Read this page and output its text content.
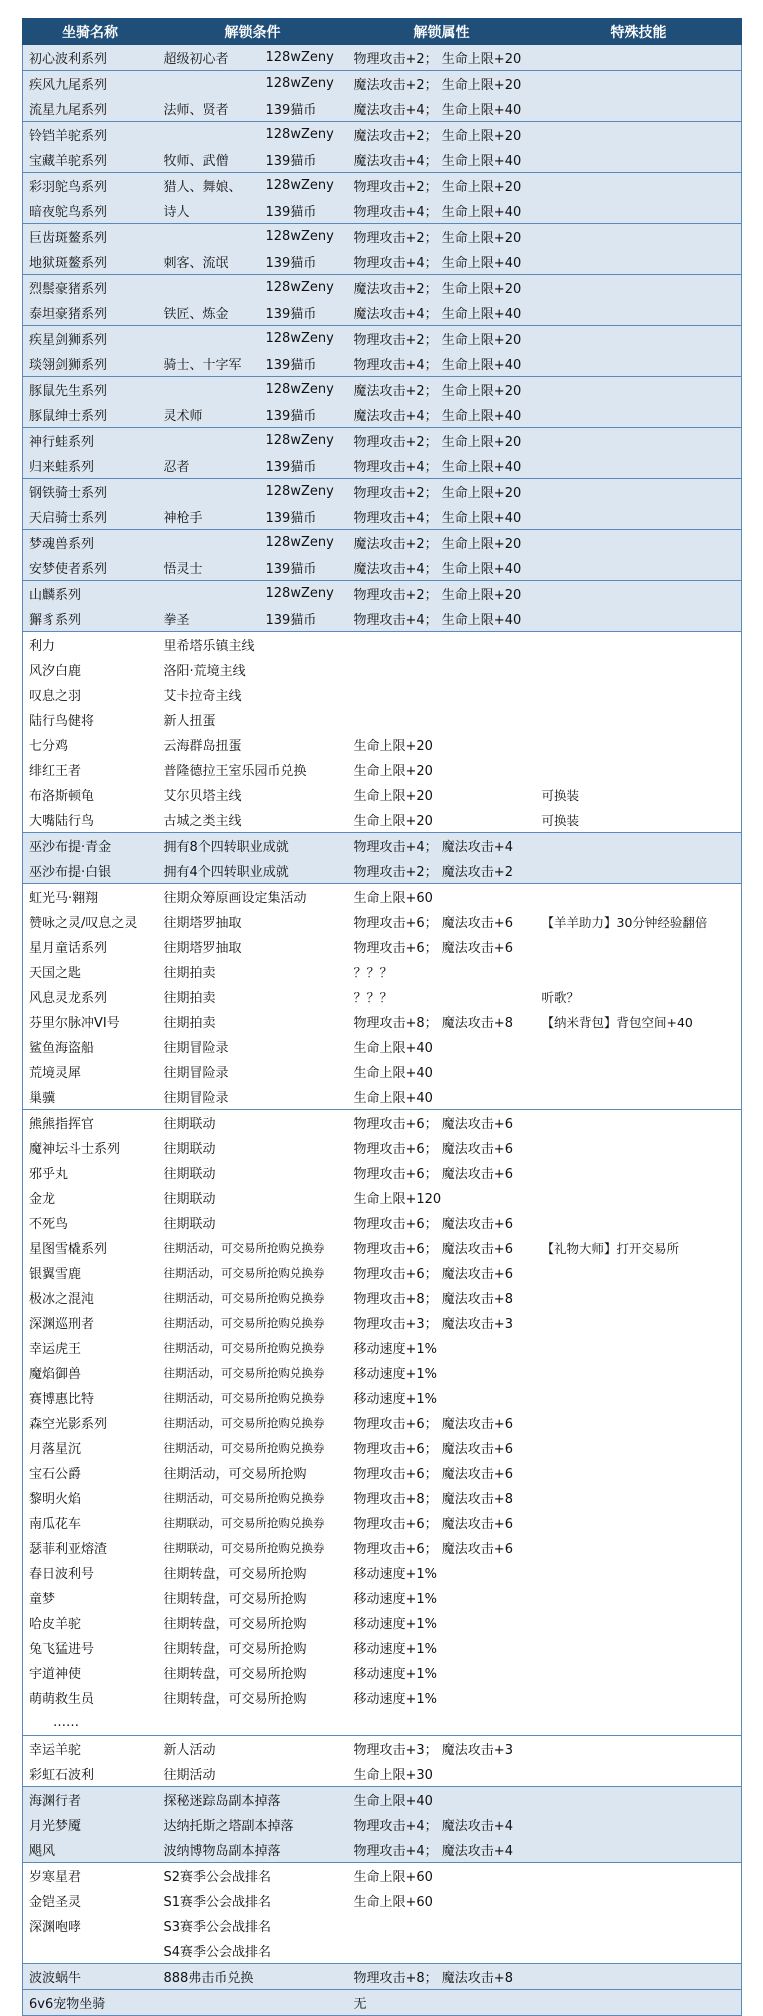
坐骑名称	解锁条件		解锁属性	特殊技能
初心波利系列	超级初心者	128wZeny	物理攻击+2； 生命上限+20	
疾风九尾系列		128wZeny	魔法攻击+2； 生命上限+20	
流星九尾系列	法师、贤者	139猫币	魔法攻击+4； 生命上限+40	
铃铛羊驼系列		128wZeny	魔法攻击+2； 生命上限+20	
宝藏羊驼系列	牧师、武僧	139猫币	魔法攻击+4； 生命上限+40	
彩羽鸵鸟系列	猎人、舞娘、	128wZeny	物理攻击+2； 生命上限+20	
暗夜鸵鸟系列	诗人	139猫币	物理攻击+4； 生命上限+40	
巨齿斑鳌系列		128wZeny	物理攻击+2； 生命上限+20	
地狱斑鳌系列	刺客、流氓	139猫币	物理攻击+4； 生命上限+40	
烈鬃豪猪系列		128wZeny	魔法攻击+2； 生命上限+20	
泰坦豪猪系列	铁匠、炼金	139猫币	魔法攻击+4； 生命上限+40	
疾星剑狮系列		128wZeny	物理攻击+2； 生命上限+20	
琰翎剑狮系列	骑士、十字军	139猫币	物理攻击+4； 生命上限+40	
豚鼠先生系列		128wZeny	魔法攻击+2； 生命上限+20	
豚鼠绅士系列	灵术师	139猫币	魔法攻击+4； 生命上限+40	
神行蛙系列		128wZeny	物理攻击+2； 生命上限+20	
归来蛙系列	忍者	139猫币	物理攻击+4； 生命上限+40	
钢铁骑士系列		128wZeny	物理攻击+2； 生命上限+20	
天启骑士系列	神枪手	139猫币	物理攻击+4； 生命上限+40	
梦魂兽系列		128wZeny	魔法攻击+2； 生命上限+20	
安梦使者系列	悟灵士	139猫币	魔法攻击+4； 生命上限+40	
山麟系列		128wZeny	物理攻击+2； 生命上限+20	
獬豸系列	拳圣	139猫币	物理攻击+4； 生命上限+40	
利力	里希塔乐镇主线			
风汐白鹿	洛阳·荒境主线			
叹息之羽	艾卡拉奇主线			
陆行鸟健将	新人扭蛋			
七分鸡	云海群岛扭蛋		生命上限+20	
绯红王者	普隆德拉王室乐园币兑换		生命上限+20	
布洛斯顿龟	艾尔贝塔主线		生命上限+20	可换装
大嘴陆行鸟	古城之类主线		生命上限+20	可换装
巫沙布提·青金	拥有8个四转职业成就		物理攻击+4； 魔法攻击+4	
巫沙布提·白银	拥有4个四转职业成就		物理攻击+2； 魔法攻击+2	
虹光马·翱翔	往期众筹原画设定集活动		生命上限+60	
赞咏之灵/叹息之灵	往期塔罗抽取		物理攻击+6； 魔法攻击+6	【羊羊助力】30分钟经验翻倍
星月童话系列	往期塔罗抽取		物理攻击+6； 魔法攻击+6	
天国之匙	往期拍卖		？？？	
风息灵龙系列	往期拍卖		？？？	听歌？
芬里尔脉冲VI号	往期拍卖		物理攻击+8； 魔法攻击+8	【纳米背包】背包空间+40
鲨鱼海盗船	往期冒险录		生命上限+40	
荒境灵犀	往期冒险录		生命上限+40	
巢骥	往期冒险录		生命上限+40	
熊熊指挥官	往期联动		物理攻击+6； 魔法攻击+6	
魔神坛斗士系列	往期联动		物理攻击+6； 魔法攻击+6	
邪乎丸	往期联动		物理攻击+6； 魔法攻击+6	
金龙	往期联动		生命上限+120	
不死鸟	往期联动		物理攻击+6； 魔法攻击+6	
星图雪橇系列	往期活动，可交易所抢购兑换券		物理攻击+6； 魔法攻击+6	【礼物大师】打开交易所
银翼雪鹿	往期活动，可交易所抢购兑换券		物理攻击+6； 魔法攻击+6	
极冰之混沌	往期活动，可交易所抢购兑换券		物理攻击+8； 魔法攻击+8	
深渊巡刑者	往期活动，可交易所抢购兑换券		物理攻击+3； 魔法攻击+3	
幸运虎王	往期活动，可交易所抢购兑换券		移动速度+1%	
魔焰御兽	往期活动，可交易所抢购兑换券		移动速度+1%	
赛博惠比特	往期活动，可交易所抢购兑换券		移动速度+1%	
森空光影系列	往期活动，可交易所抢购兑换券		物理攻击+6； 魔法攻击+6	
月落星沉	往期活动，可交易所抢购兑换券		物理攻击+6； 魔法攻击+6	
宝石公爵	往期活动，可交易所抢购		物理攻击+6； 魔法攻击+6	
黎明火焰	往期活动，可交易所抢购兑换券		物理攻击+8； 魔法攻击+8	
南瓜花车	往期联动，可交易所抢购兑换券		物理攻击+6； 魔法攻击+6	
瑟菲利亚熔渣	往期联动，可交易所抢购兑换券		物理攻击+6； 魔法攻击+6	
春日波利号	往期转盘，可交易所抢购		移动速度+1%	
童梦	往期转盘，可交易所抢购		移动速度+1%	
哈皮羊驼	往期转盘，可交易所抢购		移动速度+1%	
兔飞猛进号	往期转盘，可交易所抢购		移动速度+1%	
宇道神使	往期转盘，可交易所抢购		移动速度+1%	
萌萌救生员	往期转盘，可交易所抢购		移动速度+1%	
……				
幸运羊驼	新人活动		物理攻击+3； 魔法攻击+3	
彩虹石波利	往期活动		生命上限+30	
海渊行者	探秘迷踪岛副本掉落		生命上限+40	
月光梦魇	达纳托斯之塔副本掉落		物理攻击+4； 魔法攻击+4	
飓风	波纳博物岛副本掉落		物理攻击+4； 魔法攻击+4	
岁寒星君	S2赛季公会战排名		生命上限+60	
金铠圣灵	S1赛季公会战排名		生命上限+60	
深渊咆哮	S3赛季公会战排名			
	S4赛季公会战排名			
波波蜗牛	888弗击币兑换		物理攻击+8； 魔法攻击+8	
6v6宠物坐骑			无	
